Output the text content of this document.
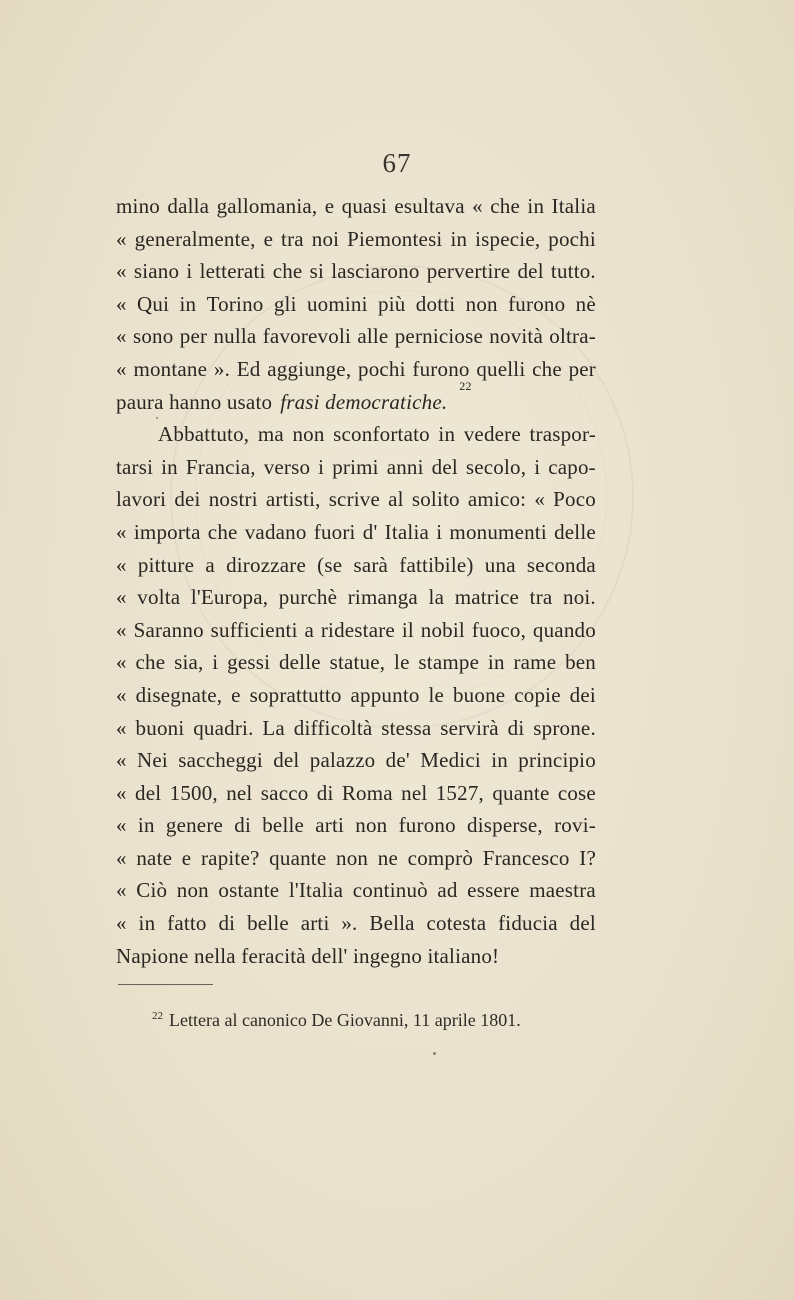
67
mino dalla gallomania, e quasi esultava « che in Italia
« generalmente, e tra noi Piemontesi in ispecie, pochi
« siano i letterati che si lasciarono pervertire del tutto.
« Qui in Torino gli uomini più dotti non furono nè
« sono per nulla favorevoli alle perniciose novità oltra-
« montane ». Ed aggiunge, pochi furono quelli che per
paura hanno usato frasi democratiche.
22
Abbattuto, ma non sconfortato in vedere traspor-
tarsi in Francia, verso i primi anni del secolo, i capo-
lavori dei nostri artisti, scrive al solito amico: « Poco
« importa che vadano fuori d' Italia i monumenti delle
« pitture a dirozzare (se sarà fattibile) una seconda
« volta l'Europa, purchè rimanga la matrice tra noi.
« Saranno sufficienti a ridestare il nobil fuoco, quando
« che sia, i gessi delle statue, le stampe in rame ben
« disegnate, e soprattutto appunto le buone copie dei
« buoni quadri. La difficoltà stessa servirà di sprone.
« Nei saccheggi del palazzo de' Medici in principio
« del 1500, nel sacco di Roma nel 1527, quante cose
« in genere di belle arti non furono disperse, rovi-
« nate e rapite? quante non ne comprò Francesco I?
« Ciò non ostante l'Italia continuò ad essere maestra
« in fatto di belle arti ». Bella cotesta fiducia del
Napione nella feracità dell' ingegno italiano!
$^{22}$ Lettera al canonico De Giovanni, 11 aprile 1801.
